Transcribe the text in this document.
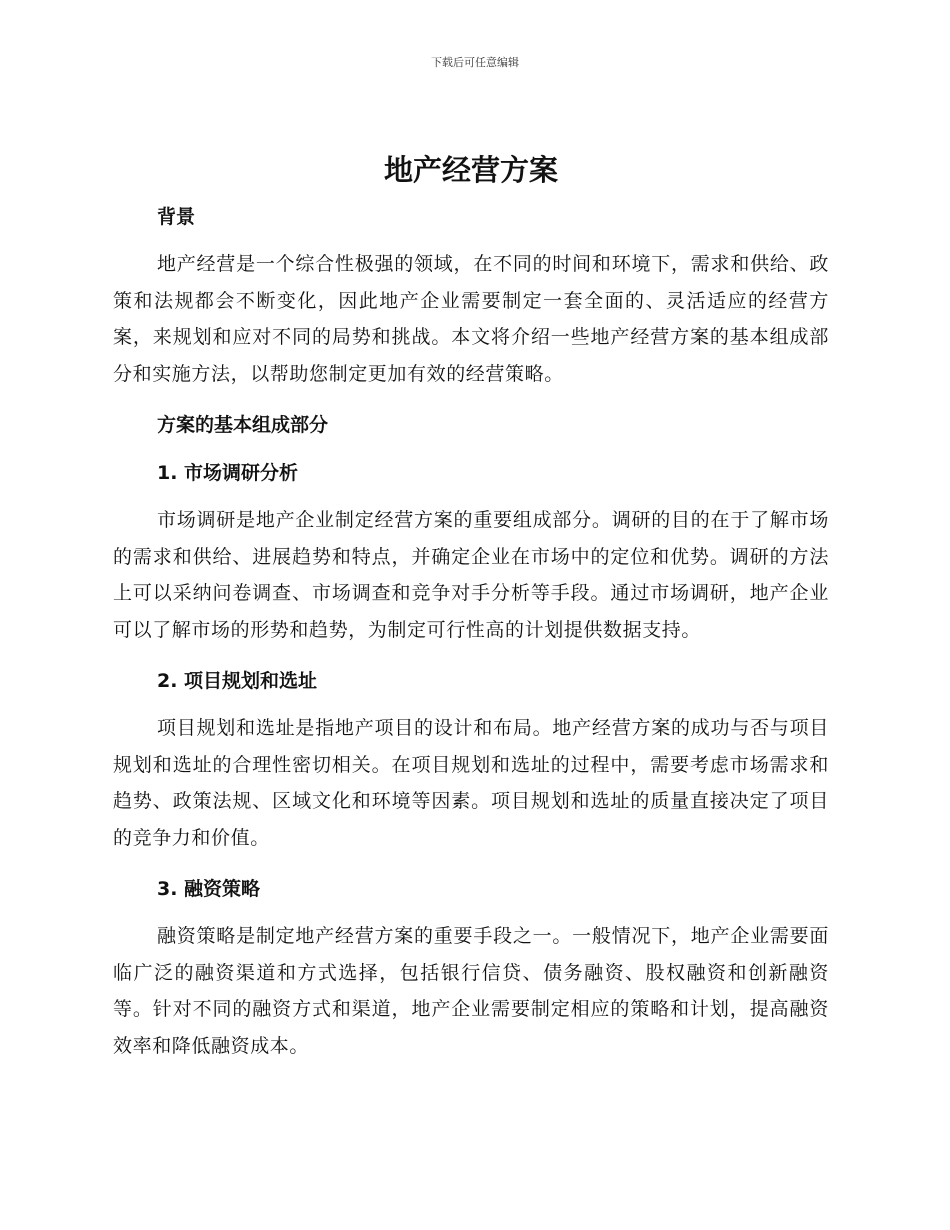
下载后可任意编辑
地产经营方案
背景

地产经营是一个综合性极强的领域，在不同的时间和环境下，需求和供给、政策和法规都会不断变化，因此地产企业需要制定一套全面的、灵活适应的经营方案，来规划和应对不同的局势和挑战。本文将介绍一些地产经营方案的基本组成部分和实施方法，以帮助您制定更加有效的经营策略。

方案的基本组成部分
1. 市场调研分析

市场调研是地产企业制定经营方案的重要组成部分。调研的目的在于了解市场的需求和供给、进展趋势和特点，并确定企业在市场中的定位和优势。调研的方法上可以采纳问卷调查、市场调查和竞争对手分析等手段。通过市场调研，地产企业可以了解市场的形势和趋势，为制定可行性高的计划提供数据支持。

2. 项目规划和选址

项目规划和选址是指地产项目的设计和布局。地产经营方案的成功与否与项目规划和选址的合理性密切相关。在项目规划和选址的过程中，需要考虑市场需求和趋势、政策法规、区域文化和环境等因素。项目规划和选址的质量直接决定了项目的竞争力和价值。

3. 融资策略

融资策略是制定地产经营方案的重要手段之一。一般情况下，地产企业需要面临广泛的融资渠道和方式选择，包括银行信贷、债务融资、股权融资和创新融资等。针对不同的融资方式和渠道，地产企业需要制定相应的策略和计划，提高融资效率和降低融资成本。
